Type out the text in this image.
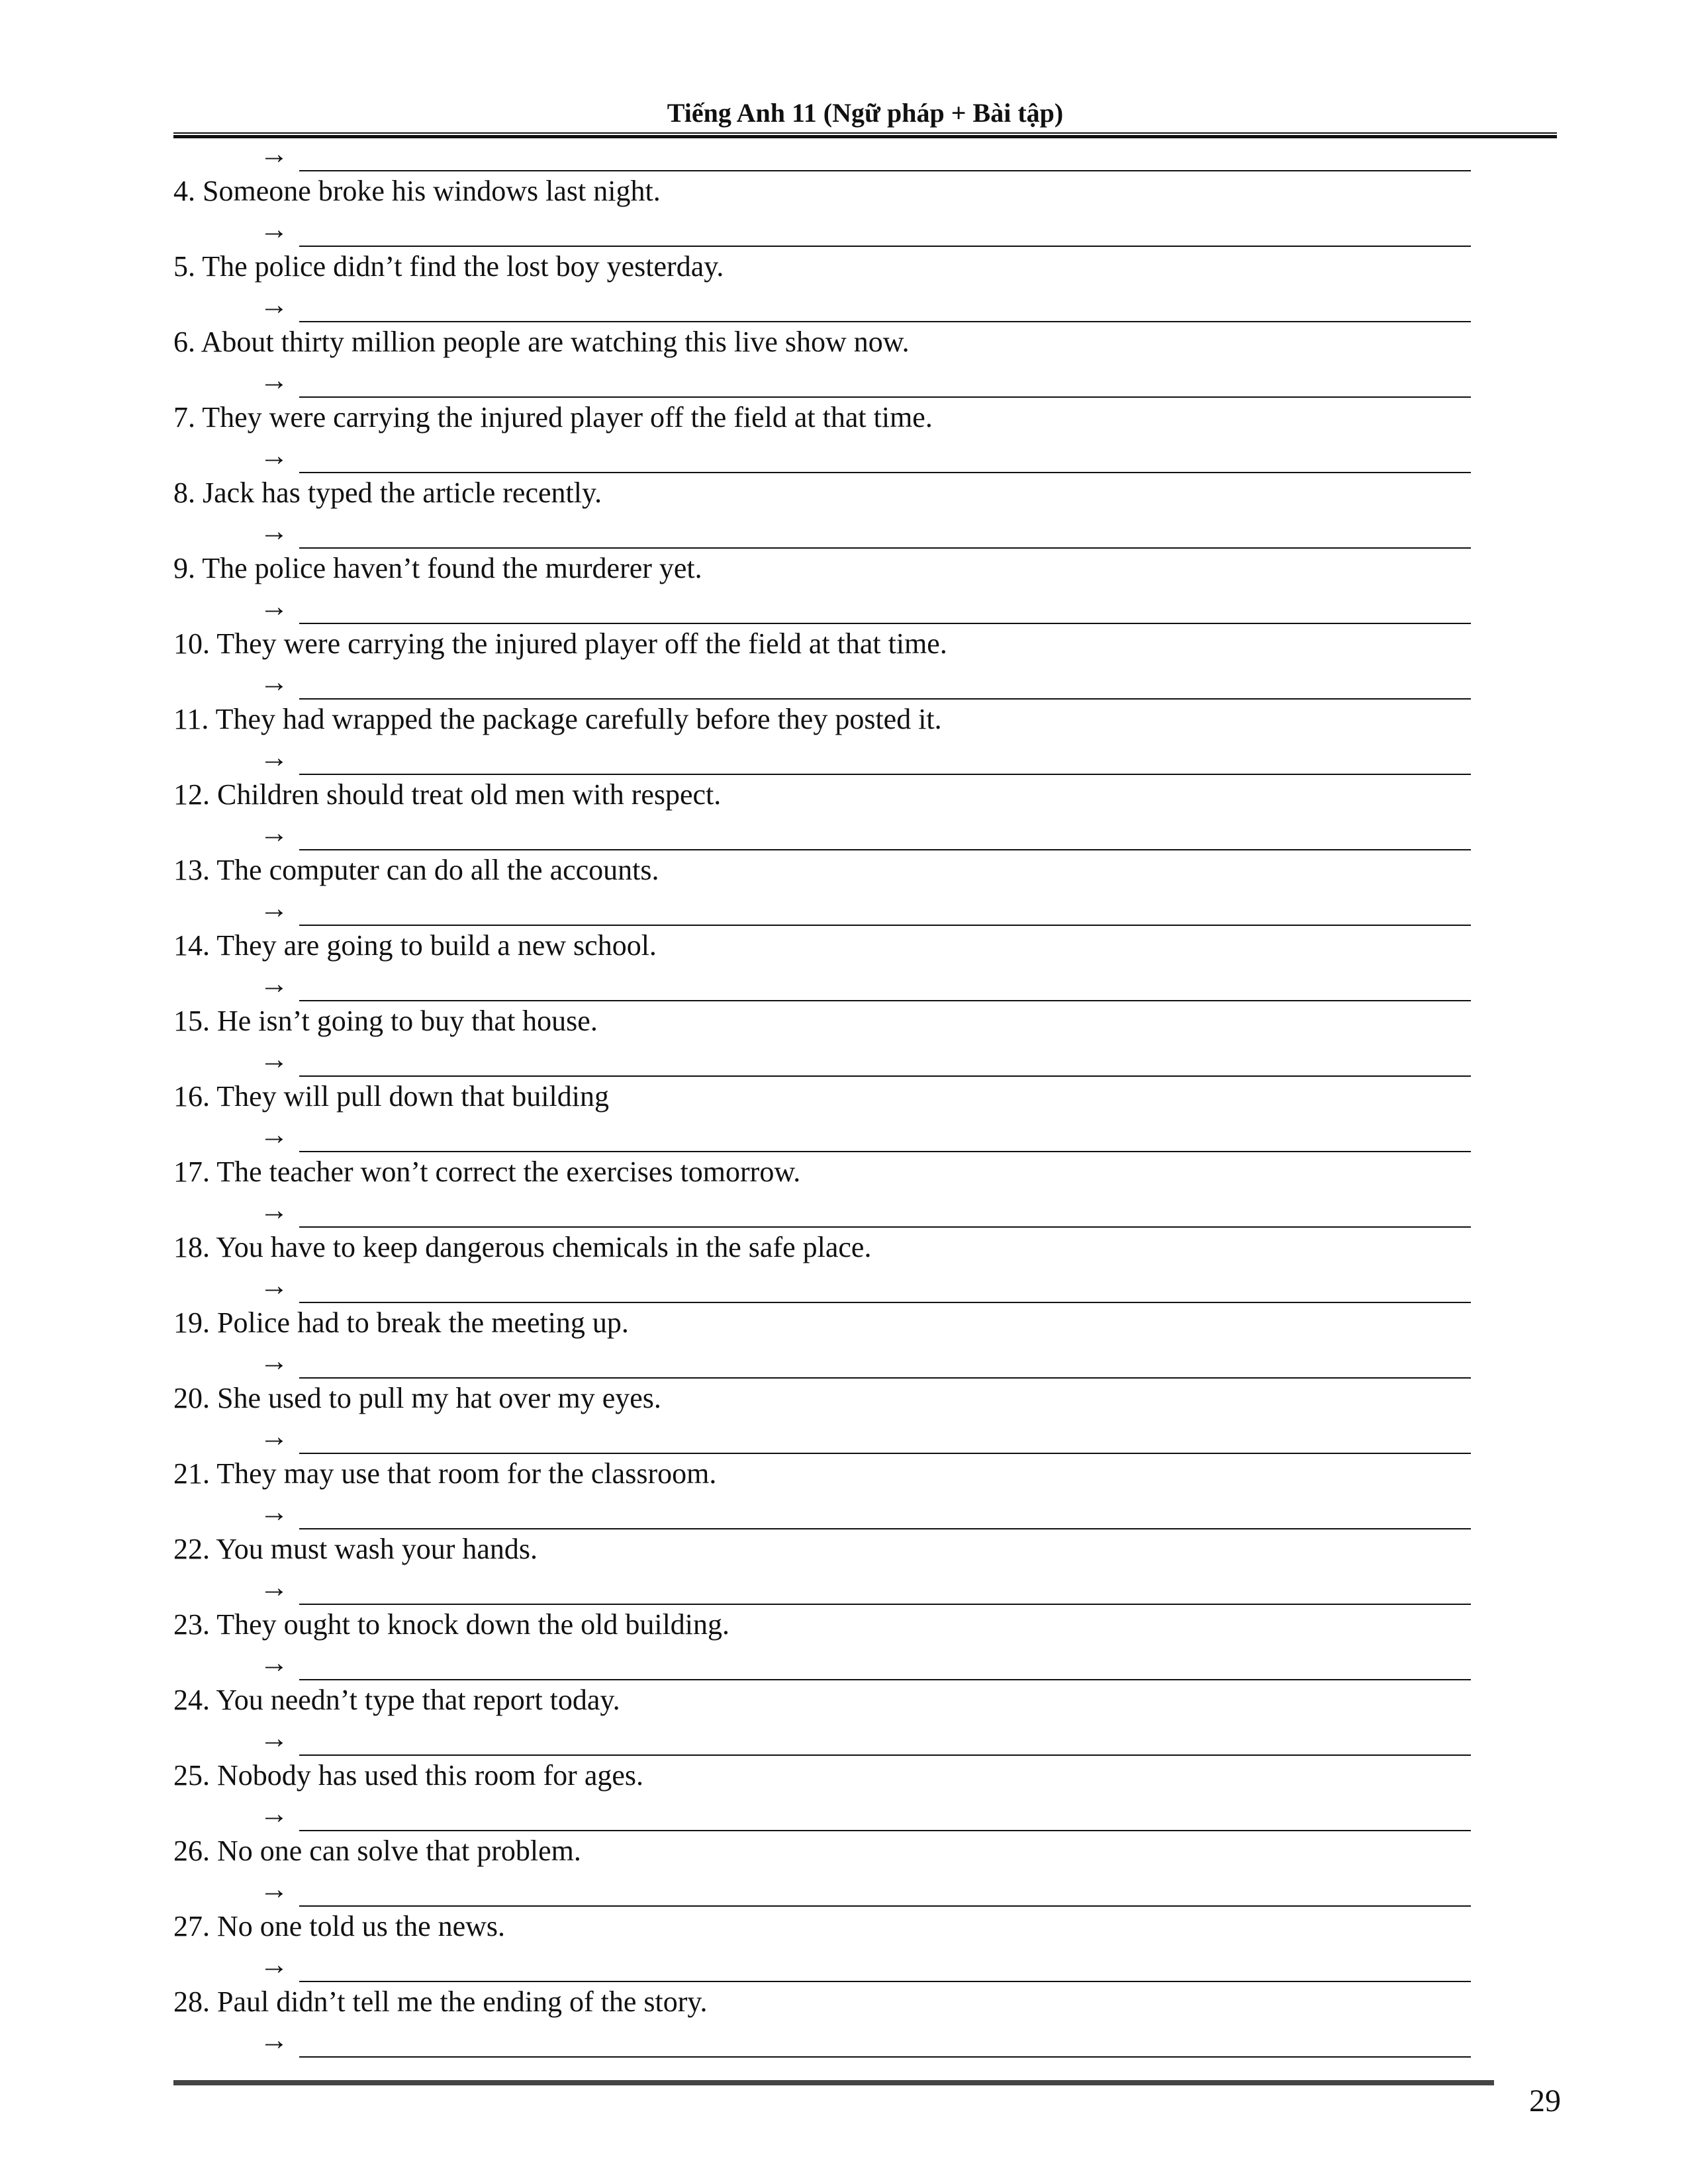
Tiếng Anh 11 (Ngữ pháp + Bài tập)
→
4. Someone broke his windows last night.
→
5. The police didn’t find the lost boy yesterday.
→
6. About thirty million people are watching this live show now.
→
7. They were carrying the injured player off the field at that time.
→
8. Jack has typed the article recently.
→
9. The police haven’t found the murderer yet.
→
10. They were carrying the injured player off the field at that time.
→
11. They had wrapped the package carefully before they posted it.
→
12. Children should treat old men with respect.
→
13. The computer can do all the accounts.
→
14. They are going to build a new school.
→
15. He isn’t going to buy that house.
→
16. They will pull down that building
→
17. The teacher won’t correct the exercises tomorrow.
→
18. You have to keep dangerous chemicals in the safe place.
→
19. Police had to break the meeting up.
→
20. She used to pull my hat over my eyes.
→
21. They may use that room for the classroom.
→
22. You must wash your hands.
→
23. They ought to knock down the old building.
→
24. You needn’t type that report today.
→
25. Nobody has used this room for ages.
→
26. No one can solve that problem.
→
27. No one told us the news.
→
28. Paul didn’t tell me the ending of the story.
→
29
